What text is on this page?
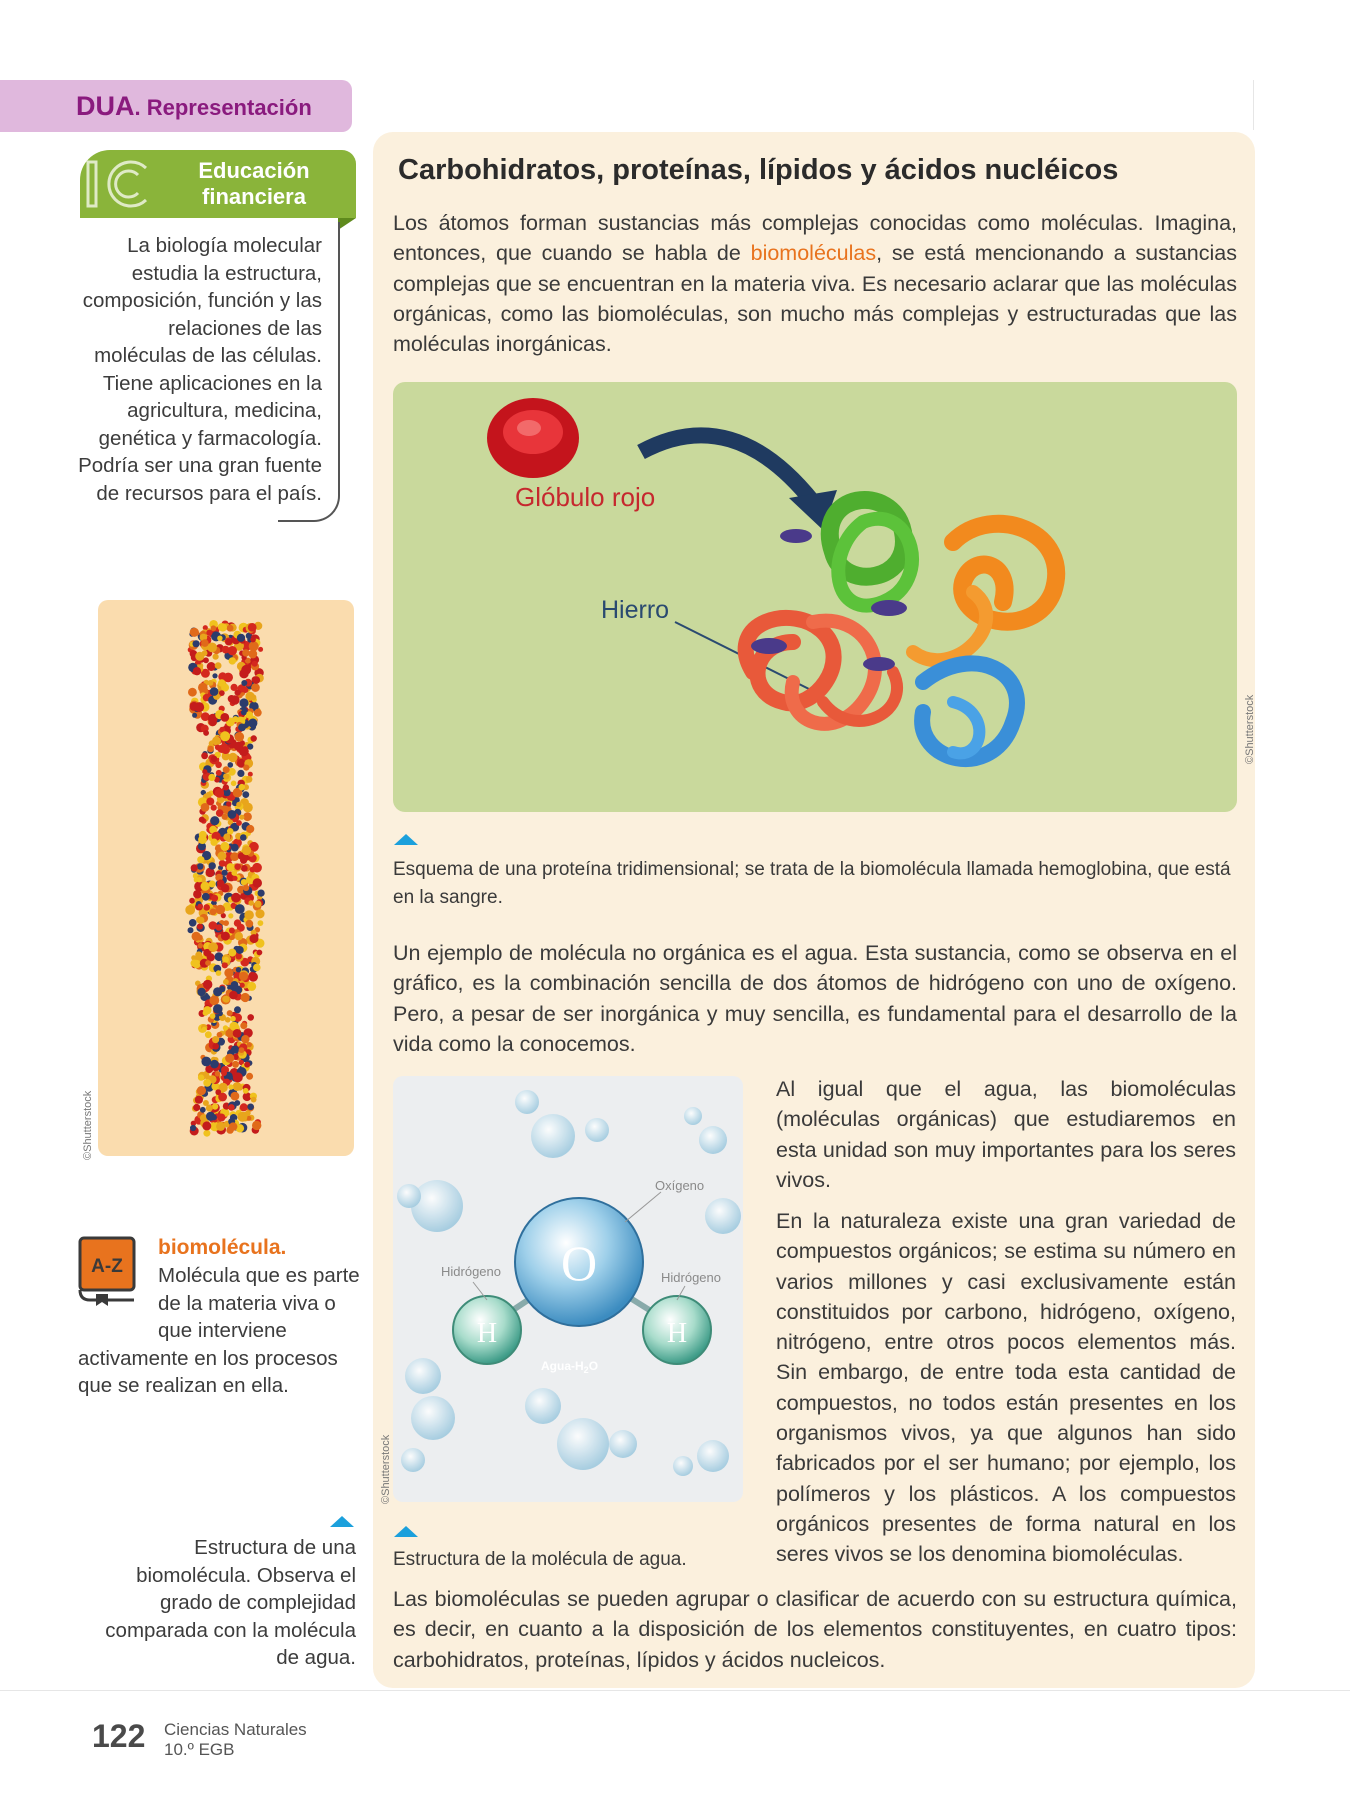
DUA. Representación
Educación
financiera
La biología molecular estudia la estructura, composición, función y las relaciones de las moléculas de las células. Tiene aplicaciones en la agricultura, medicina, genética y farmacología. Podría ser una gran fuente de recursos para el país.
©Shutterstock
A-Z
biomolécula.
Molécula que es parte de la materia viva o que interviene
activamente en los procesos que se realizan en ella.
Estructura de una biomolécula. Observa el grado de complejidad comparada con la molécula de agua.
Carbohidratos, proteínas, lípidos y ácidos nucléicos
Los átomos forman sustancias más complejas conocidas como moléculas. Imagina, entonces, que cuando se habla de biomoléculas, se está mencionando a sustancias complejas que se encuentran en la materia viva. Es necesario aclarar que las moléculas orgánicas, como las biomoléculas, son mucho más complejas y estructuradas que las moléculas inorgánicas.
Glóbulo rojo
Hierro
©Shutterstock
Esquema de una proteína tridimensional; se trata de la biomolécula llamada hemoglobina, que está en la sangre.
Un ejemplo de molécula no orgánica es el agua. Esta sustancia, como se observa en el gráfico, es la combinación sencilla de dos átomos de hidrógeno con uno de oxígeno. Pero, a pesar de ser inorgánica y muy sencilla, es fundamental para el desarrollo de la vida como la conocemos.
O
H	H
Oxígeno
Hidrógeno	Hidrógeno
Agua-$H_2O$
©Shutterstock
Estructura de la molécula de agua.
Al igual que el agua, las biomoléculas (moléculas orgánicas) que estudiaremos en esta unidad son muy importantes para los seres vivos.
En la naturaleza existe una gran variedad de compuestos orgánicos; se estima su número en varios millones y casi exclusivamente están constituidos por carbono, hidrógeno, oxígeno, nitrógeno, entre otros pocos elementos más. Sin embargo, de entre toda esta cantidad de compuestos, no todos están presentes en los organismos vivos, ya que algunos han sido fabricados por el ser humano; por ejemplo, los polímeros y los plásticos. A los compuestos orgánicos presentes de forma natural en los seres vivos se los denomina biomoléculas.
Las biomoléculas se pueden agrupar o clasificar de acuerdo con su estructura química, es decir, en cuanto a la disposición de los elementos constituyentes, en cuatro tipos: carbohidratos, proteínas, lípidos y ácidos nucleicos.
122 Ciencias Naturales
10.º EGB
